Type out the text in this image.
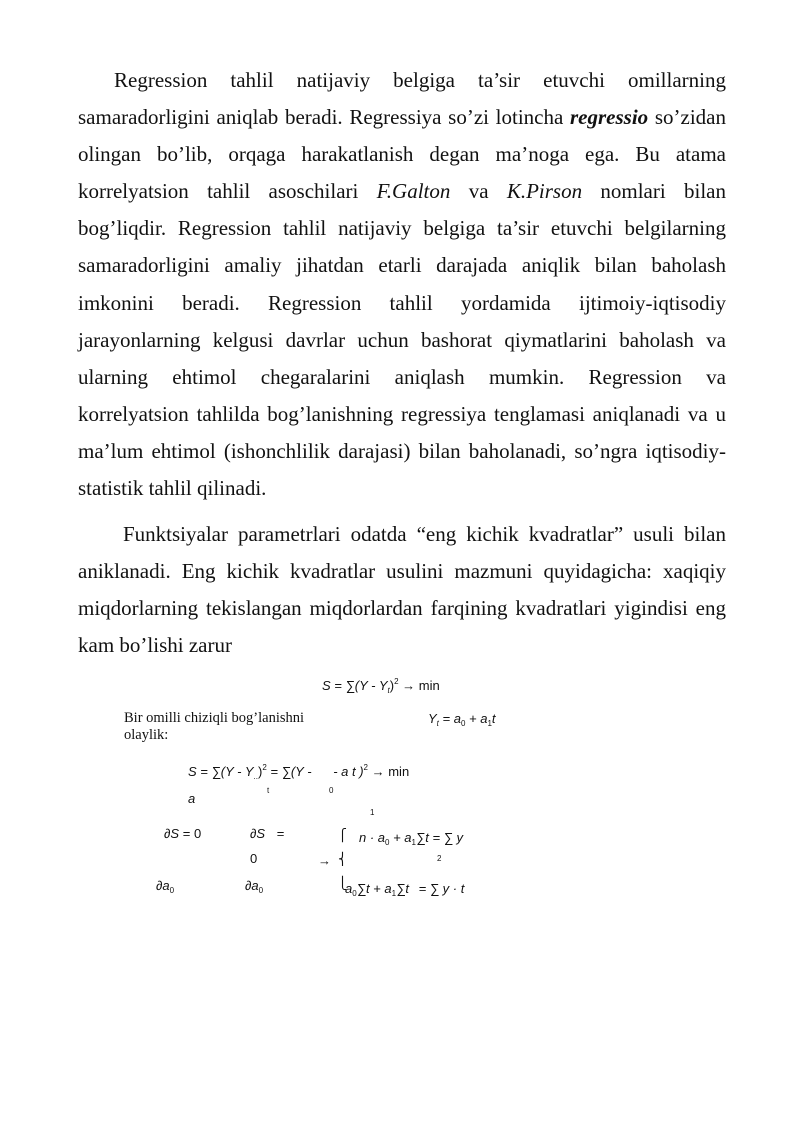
Regression tahlil natijaviy belgiga ta’sir etuvchi omillarning samaradorligini aniqlab beradi. Regressiya so’zi lotincha regressio so’zidan olingan bo’lib, orqaga harakatlanish degan ma’noga ega. Bu atama korrelyatsion tahlil asoschilari F.Galton va K.Pirson nomlari bilan bog’liqdir. Regression tahlil natijaviy belgiga ta’sir etuvchi belgilarning samaradorligini amaliy jihatdan etarli darajada aniqlik bilan baholash imkonini beradi. Regression tahlil yordamida ijtimoiy-iqtisodiy jarayonlarning kelgusi davrlar uchun bashorat qiymatlarini baholash va ularning ehtimol chegaralarini aniqlash mumkin. Regression va korrelyatsion tahlilda bog’lanishning regressiya tenglamasi aniqlanadi va u ma’lum ehtimol (ishonchlilik darajasi) bilan baholanadi, so’ngra iqtisodiy-statistik tahlil qilinadi.

Funktsiyalar parametrlari odatda “eng kichik kvadratlar” usuli bilan aniklanadi. Eng kichik kvadratlar usulini mazmuni quyidagicha: xaqiqiy miqdorlarning tekislangan miqdorlardan farqining kvadratlari yigindisi eng kam bo’lishi zarur

$S = \sum(Y - Y_t)^2 \to \min$
Bir omilli chiziqli bog’lanishni olaylik:
$Y_t = a_0 + a_1t$
$S = \sum(Y - Y_{..})^2 = \sum(Y$ - - a t )$^2$ → min
a
t	0
1
∂S = 0
$\partial a_0$
∂S =
0
$\partial a_0$
→
⎧
⎨
⎩
$n \cdot a_0 + a_1\sum t$ = ∑ y
2
$a_0\sum t + a_1\sum t$ = ∑ y · t
